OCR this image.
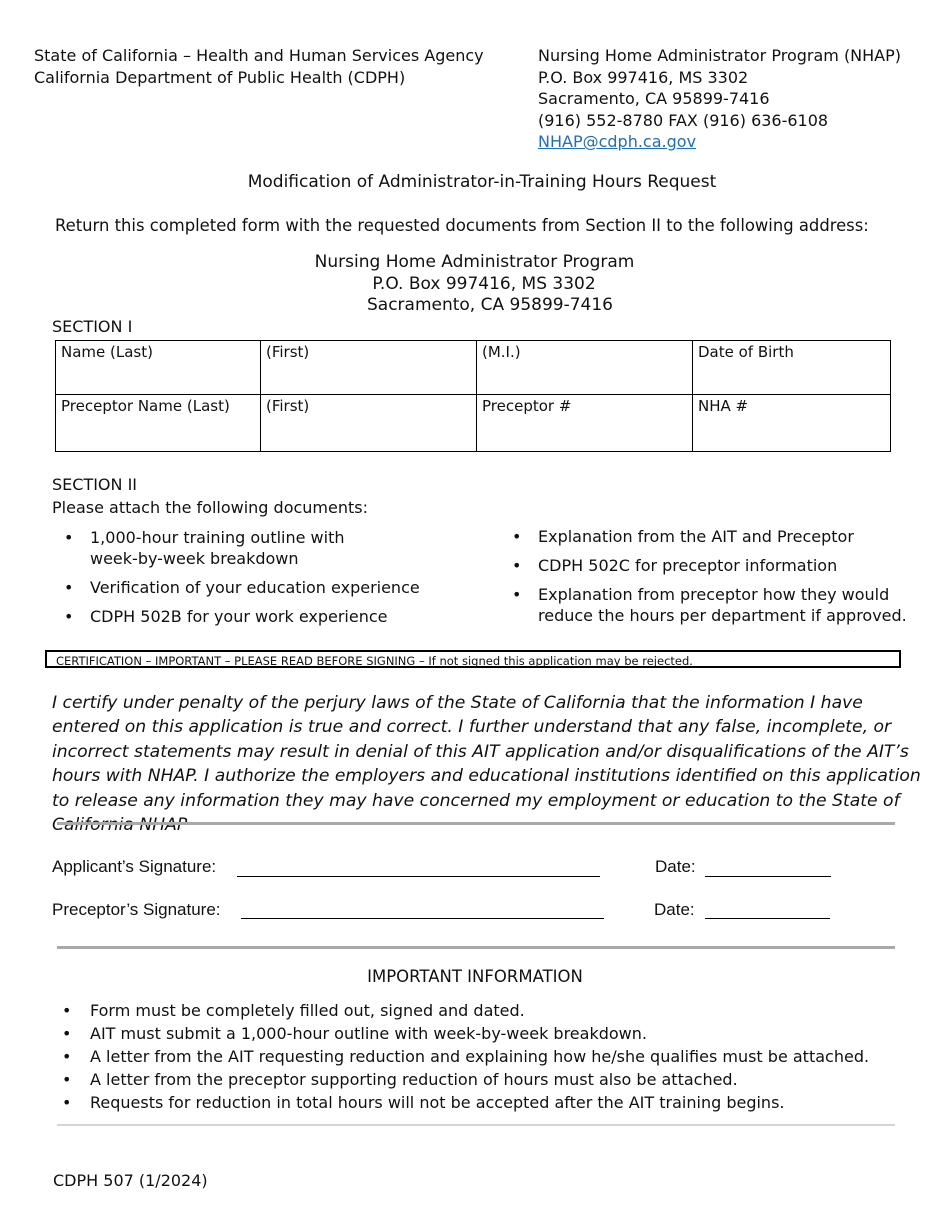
State of California – Health and Human Services Agency
California Department of Public Health (CDPH)
Nursing Home Administrator Program (NHAP)
P.O. Box 997416, MS 3302
Sacramento, CA 95899-7416
(916) 552-8780 FAX (916) 636-6108
NHAP@cdph.ca.gov
Modification of Administrator-in-Training Hours Request
Return this completed form with the requested documents from Section II to the following address:
Nursing Home Administrator Program
P.O. Box 997416, MS 3302
Sacramento, CA 95899-7416
SECTION I
Name (Last)	(First)	(M.I.)	Date of Birth
Preceptor Name (Last)	(First)	Preceptor #	NHA #
SECTION II
Please attach the following documents:
• 1,000-hour training outline with week-by-week breakdown
• Verification of your education experience
• CDPH 502B for your work experience
• Explanation from the AIT and Preceptor
• CDPH 502C for preceptor information
• Explanation from preceptor how they would reduce the hours per department if approved.
CERTIFICATION – IMPORTANT – PLEASE READ BEFORE SIGNING – If not signed this application may be rejected.

I certify under penalty of the perjury laws of the State of California that the information I have entered on this application is true and correct. I further understand that any false, incomplete, or incorrect statements may result in denial of this AIT application and/or disqualifications of the AIT’s hours with NHAP. I authorize the employers and educational institutions identified on this application to release any information they may have concerned my employment or education to the State of California NHAP

Applicant’s Signature:	Date:
Preceptor’s Signature:	Date:
IMPORTANT INFORMATION
• Form must be completely filled out, signed and dated.
• AIT must submit a 1,000-hour outline with week-by-week breakdown.
• A letter from the AIT requesting reduction and explaining how he/she qualifies must be attached.
• A letter from the preceptor supporting reduction of hours must also be attached.
• Requests for reduction in total hours will not be accepted after the AIT training begins.
CDPH 507 (1/2024)
